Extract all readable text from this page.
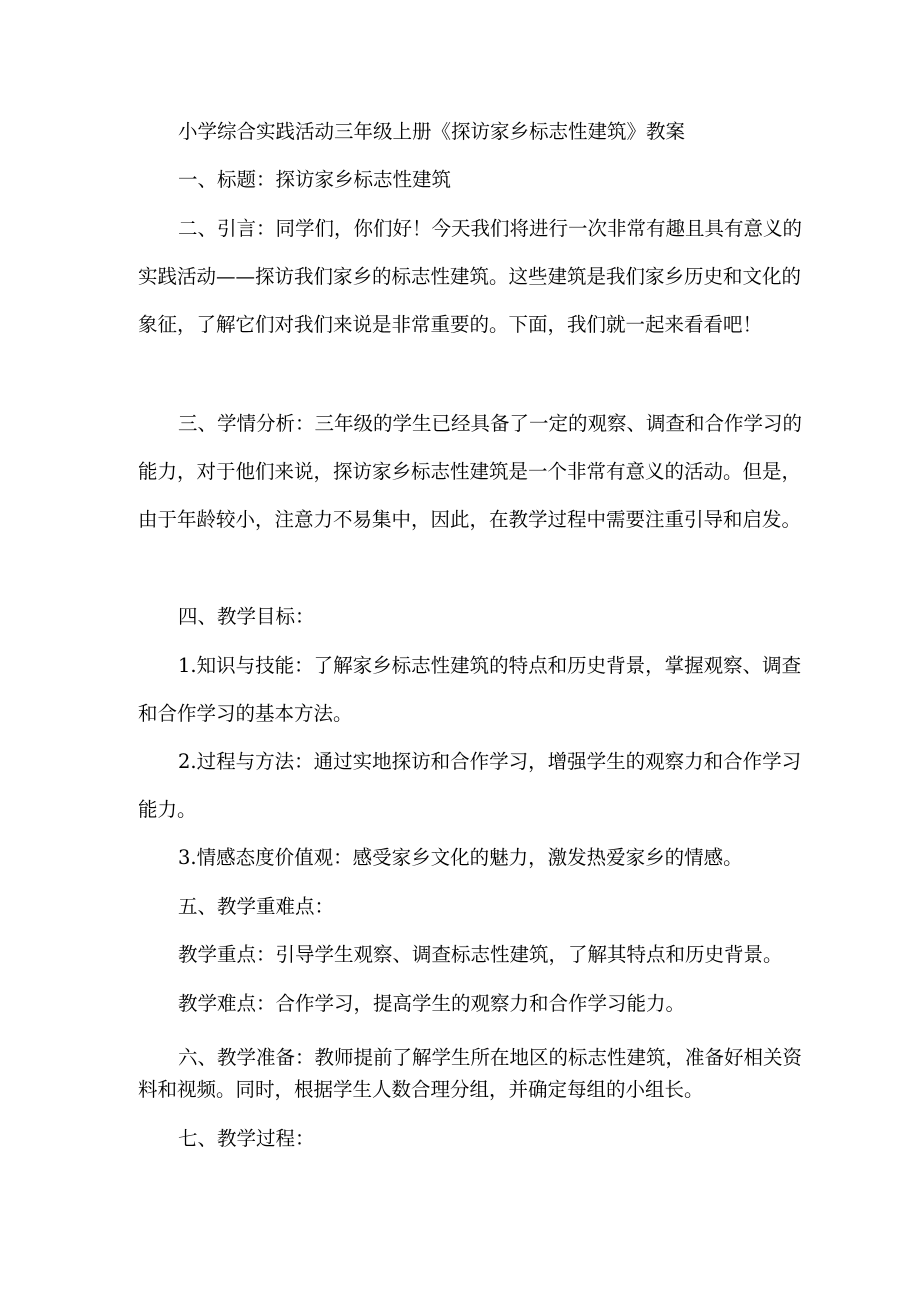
小学综合实践活动三年级上册《探访家乡标志性建筑》教案

一、标题：探访家乡标志性建筑

二、引言：同学们，你们好！今天我们将进行一次非常有趣且具有意义的实践活动——探访我们家乡的标志性建筑。这些建筑是我们家乡历史和文化的象征，了解它们对我们来说是非常重要的。下面，我们就一起来看看吧！

三、学情分析：三年级的学生已经具备了一定的观察、调查和合作学习的能力，对于他们来说，探访家乡标志性建筑是一个非常有意义的活动。但是，由于年龄较小，注意力不易集中，因此，在教学过程中需要注重引导和启发。

四、教学目标：

1.知识与技能：了解家乡标志性建筑的特点和历史背景，掌握观察、调查和合作学习的基本方法。

2.过程与方法：通过实地探访和合作学习，增强学生的观察力和合作学习能力。

3.情感态度价值观：感受家乡文化的魅力，激发热爱家乡的情感。

五、教学重难点：

教学重点：引导学生观察、调查标志性建筑，了解其特点和历史背景。

教学难点：合作学习，提高学生的观察力和合作学习能力。

六、教学准备：教师提前了解学生所在地区的标志性建筑，准备好相关资料和视频。同时，根据学生人数合理分组，并确定每组的小组长。

七、教学过程：
